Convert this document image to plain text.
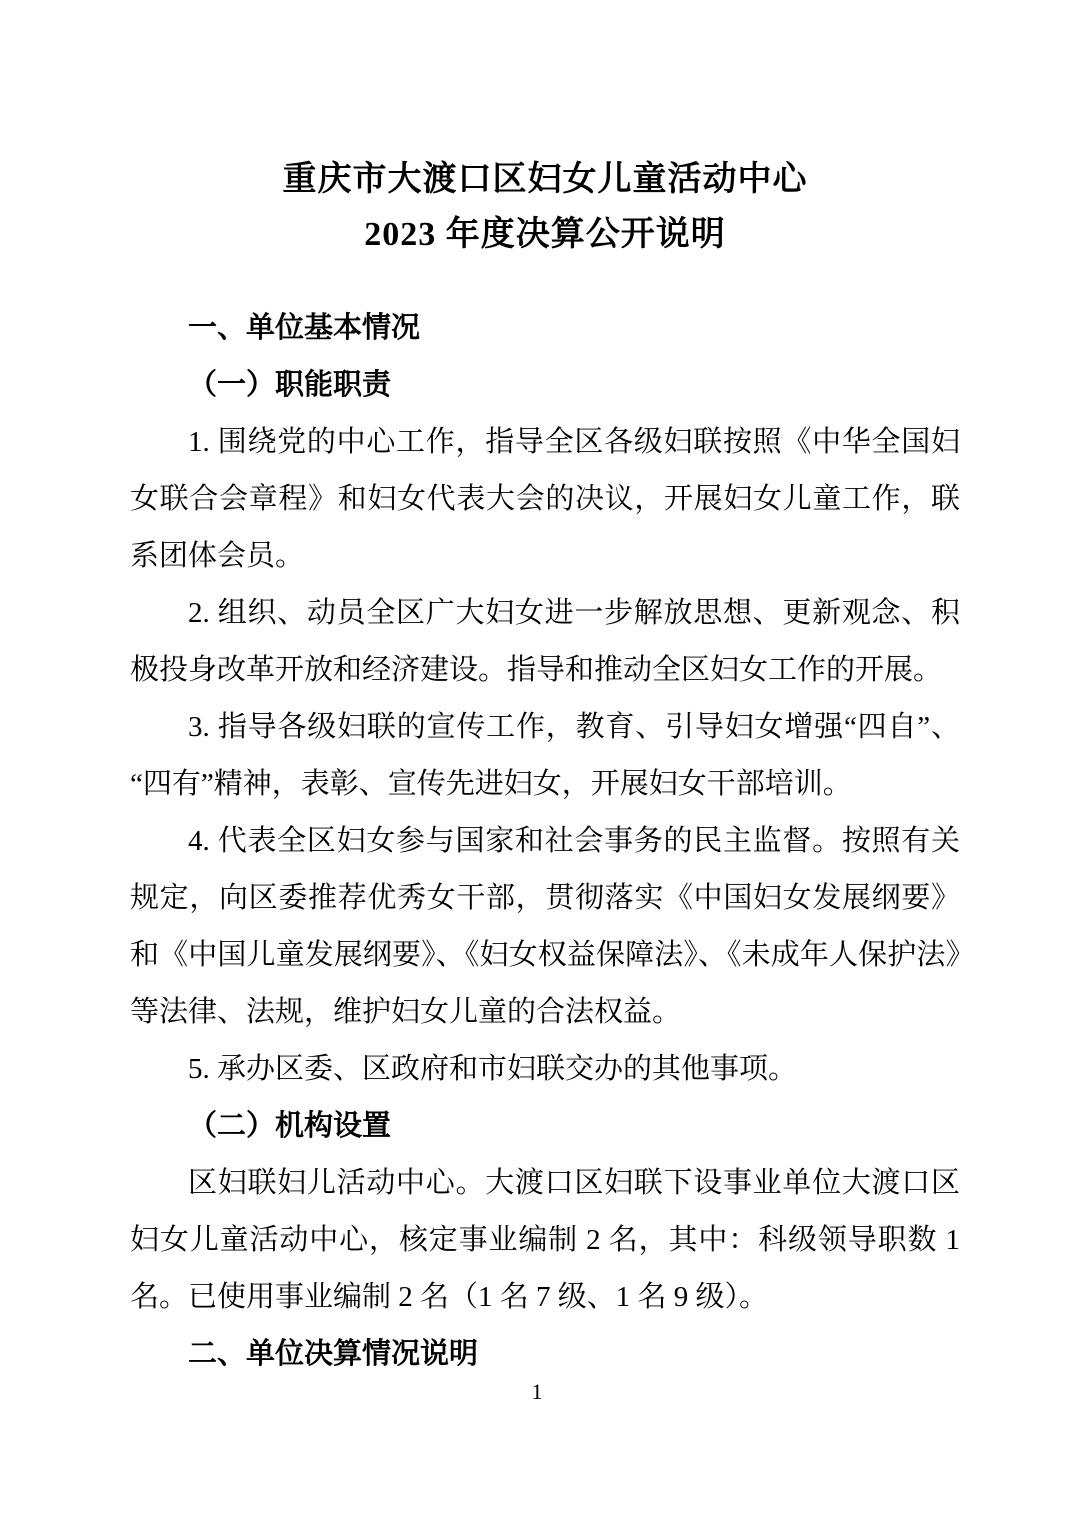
重庆市大渡口区妇女儿童活动中心
2023 年度决算公开说明
一、单位基本情况
（一）职能职责

1. 围绕党的中心工作，指导全区各级妇联按照《中华全国妇女联合会章程》和妇女代表大会的决议，开展妇女儿童工作，联系团体会员。

2. 组织、动员全区广大妇女进一步解放思想、更新观念、积极投身改革开放和经济建设。指导和推动全区妇女工作的开展。

3. 指导各级妇联的宣传工作，教育、引导妇女增强“四自”、“四有”精神，表彰、宣传先进妇女，开展妇女干部培训。

4. 代表全区妇女参与国家和社会事务的民主监督。按照有关规定，向区委推荐优秀女干部，贯彻落实《中国妇女发展纲要》和《中国儿童发展纲要》、《妇女权益保障法》、《未成年人保护法》等法律、法规，维护妇女儿童的合法权益。

5. 承办区委、区政府和市妇联交办的其他事项。

（二）机构设置

区妇联妇儿活动中心。大渡口区妇联下设事业单位大渡口区妇女儿童活动中心，核定事业编制 2 名，其中：科级领导职数 1 名。已使用事业编制 2 名（1 名 7 级、1 名 9 级）。

二、单位决算情况说明
1
